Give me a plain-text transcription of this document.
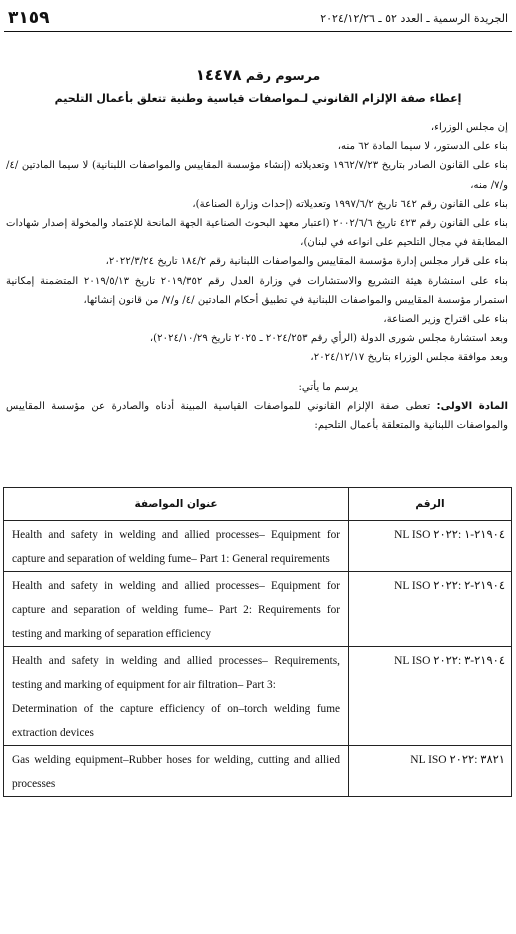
الجريدة الرسمية ـ العدد ٥٢ ـ ٢٠٢٤/١٢/٢٦
٣١٥٩
مرسوم رقم ١٤٤٧٨
إعطاء صفة الإلزام القانوني لـمواصفات قياسية وطنية تتعلق بأعمال التلحيم

إن مجلس الوزراء،

بناء على الدستور، لا سيما المادة ٦٢ منه،

بناء على القانون الصادر بتاريخ ١٩٦٢/٧/٢٣ وتعديلاته (إنشاء مؤسسة المقاييس والمواصفات اللبنانية) لا سيما المادتين /٤/ و/٧/ منه،

بناء على القانون رقم ٦٤٢ تاريخ ١٩٩٧/٦/٢ وتعديلاته (إحداث وزارة الصناعة)،

بناء على القانون رقم ٤٢٣ تاريخ ٢٠٠٢/٦/٦ (اعتبار معهد البحوث الصناعية الجهة المانحة للإعتماد والمخولة إصدار شهادات المطابقة في مجال التلحيم على انواعه في لبنان)،

بناء على قرار مجلس إدارة مؤسسة المقاييس والمواصفات اللبنانية رقم ١٨٤/٢ تاريخ ٢٠٢٢/٣/٢٤،

بناء على استشارة هيئة التشريع والاستشارات في وزارة العدل رقم ٢٠١٩/٣٥٢ تاريخ ٢٠١٩/٥/١٣ المتضمنة إمكانية استمرار مؤسسة المقاييس والمواصفات اللبنانية في تطبيق أحكام المادتين /٤/ و/٧/ من قانون إنشائها،

بناء على اقتراح وزير الصناعة،

وبعد استشارة مجلس شورى الدولة (الرأي رقم ٢٠٢٤/٢٥٣ ـ ٢٠٢٥ تاريخ ٢٠٢٤/١٠/٢٩)،

وبعد موافقة مجلس الوزراء بتاريخ ٢٠٢٤/١٢/١٧،

يرسم ما يأتي:

المادة الاولى: تعطى صفة الإلزام القانوني للمواصفات القياسية المبينة أدناه والصادرة عن مؤسسة المقاييس والمواصفات اللبنانية والمتعلقة بأعمال التلحيم:

عنوان المواصفة	الرقم

Health and safety in welding and allied processes– Equipment for capture and separation of welding fume– Part 1: General requirements	NL ISO ٢١٩٠٤-١ :٢٠٢٢

Health and safety in welding and allied processes– Equipment for capture and separation of welding fume– Part 2: Requirements for testing and marking of separation efficiency	NL ISO ٢١٩٠٤-٢ :٢٠٢٢

Health and safety in welding and allied processes– Requirements, testing and marking of equipment for air filtration– Part 3:

Determination of the capture efficiency of on–torch welding fume extraction devices	NL ISO ٢١٩٠٤-٣ :٢٠٢٢

Gas welding equipment–Rubber hoses for welding, cutting and allied processes	NL ISO ٣٨٢١ :٢٠٢٢
